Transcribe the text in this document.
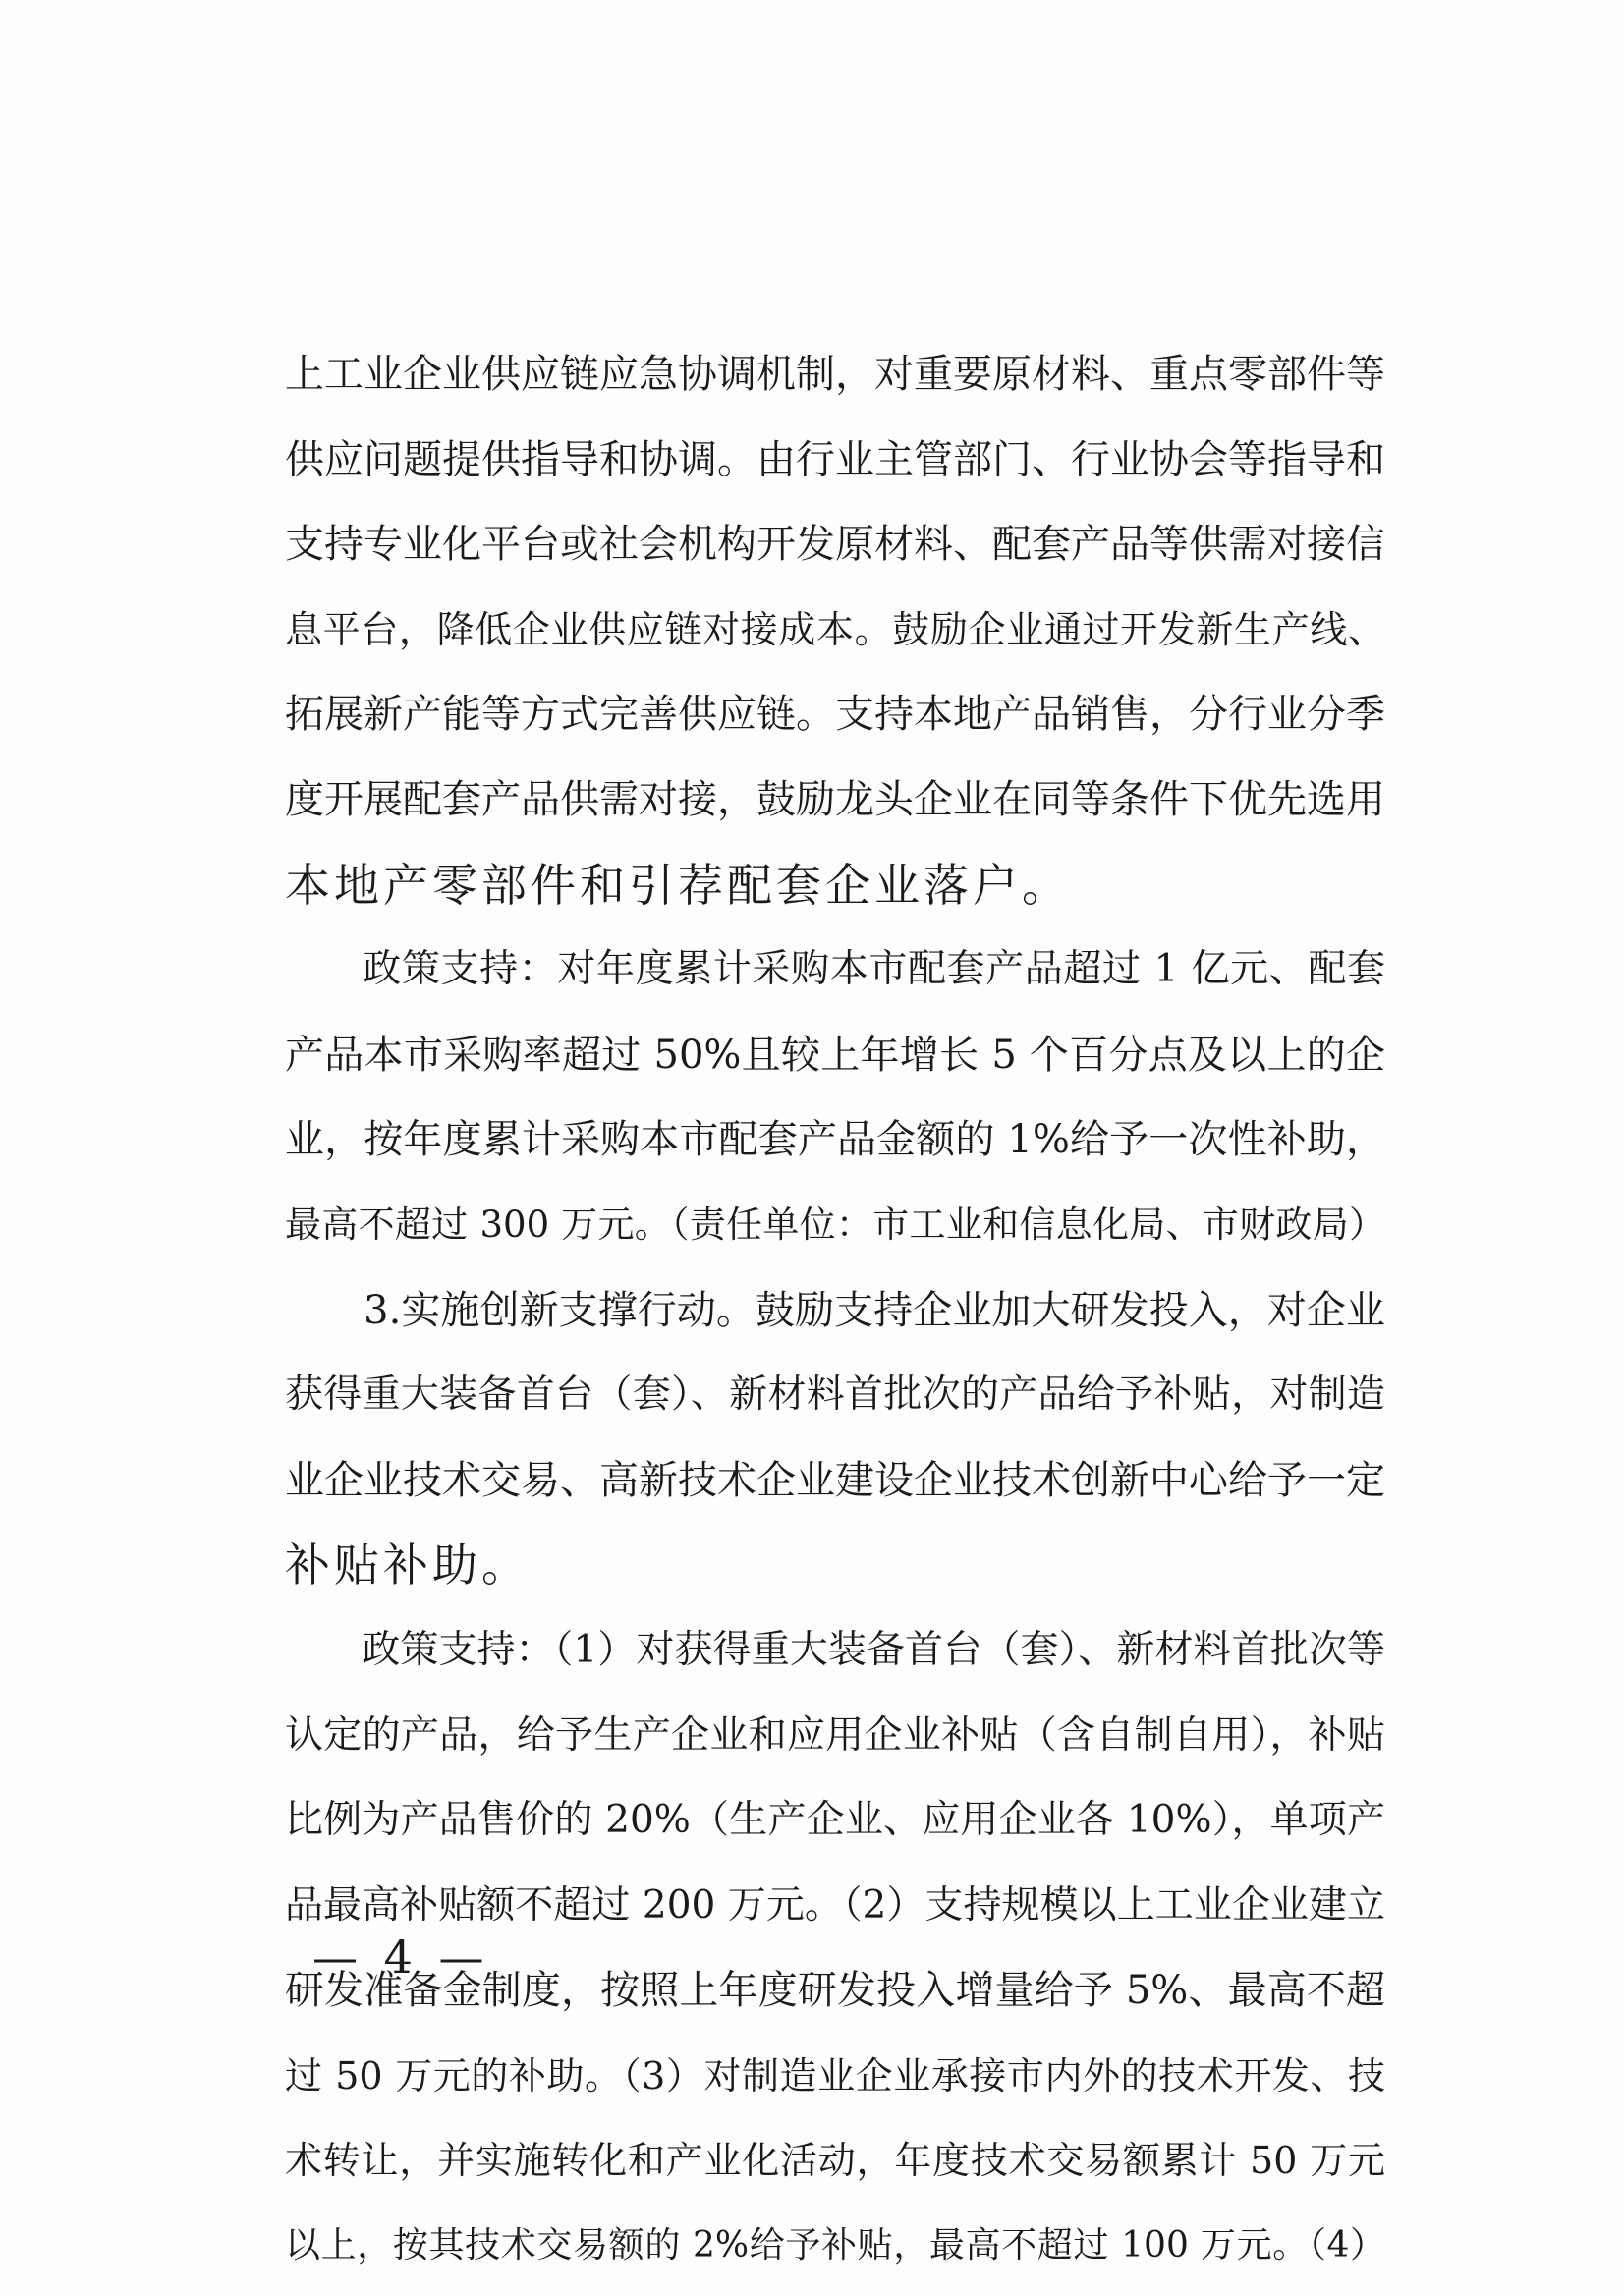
上工业企业供应链应急协调机制，对重要原材料、重点零部件等
供应问题提供指导和协调。由行业主管部门、行业协会等指导和
支持专业化平台或社会机构开发原材料、配套产品等供需对接信
息平台，降低企业供应链对接成本。鼓励企业通过开发新生产线、
拓展新产能等方式完善供应链。支持本地产品销售，分行业分季
度开展配套产品供需对接，鼓励龙头企业在同等条件下优先选用
本地产零部件和引荐配套企业落户。
　　政策支持：对年度累计采购本市配套产品超过 1 亿元、配套
产品本市采购率超过 50%且较上年增长 5 个百分点及以上的企
业，按年度累计采购本市配套产品金额的 1%给予一次性补助，
最高不超过 300 万元。（责任单位：市工业和信息化局、市财政局）
　　3.实施创新支撑行动。鼓励支持企业加大研发投入，对企业
获得重大装备首台（套）、新材料首批次的产品给予补贴，对制造
业企业技术交易、高新技术企业建设企业技术创新中心给予一定
补贴补助。
　　政策支持：（1）对获得重大装备首台（套）、新材料首批次等
认定的产品，给予生产企业和应用企业补贴（含自制自用），补贴
比例为产品售价的 20%（生产企业、应用企业各 10%），单项产
品最高补贴额不超过 200 万元。（2）支持规模以上工业企业建立
研发准备金制度，按照上年度研发投入增量给予 5%、最高不超
过 50 万元的补助。（3）对制造业企业承接市内外的技术开发、技
术转让，并实施转化和产业化活动，年度技术交易额累计 50 万元
以上，按其技术交易额的 2%给予补贴，最高不超过 100 万元。（4）
— 4 —
